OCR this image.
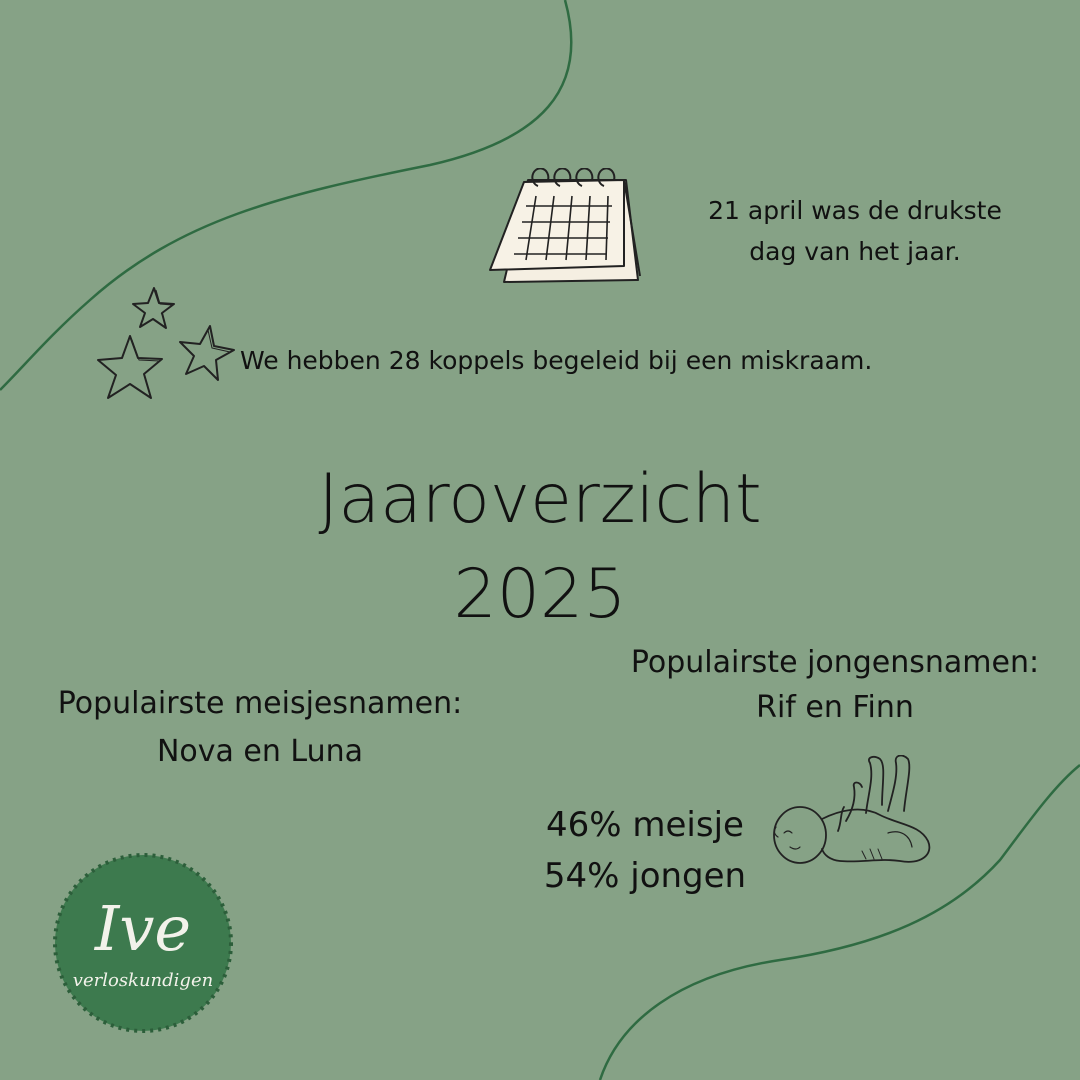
21 april was de drukste
dag van het jaar.
We hebben 28 koppels begeleid bij een miskraam.
Jaaroverzicht
2025
Populairste jongensnamen:
Rif en Finn
Populairste meisjesnamen:
Nova en Luna
46% meisje
54% jongen
Ive
verloskundigen
